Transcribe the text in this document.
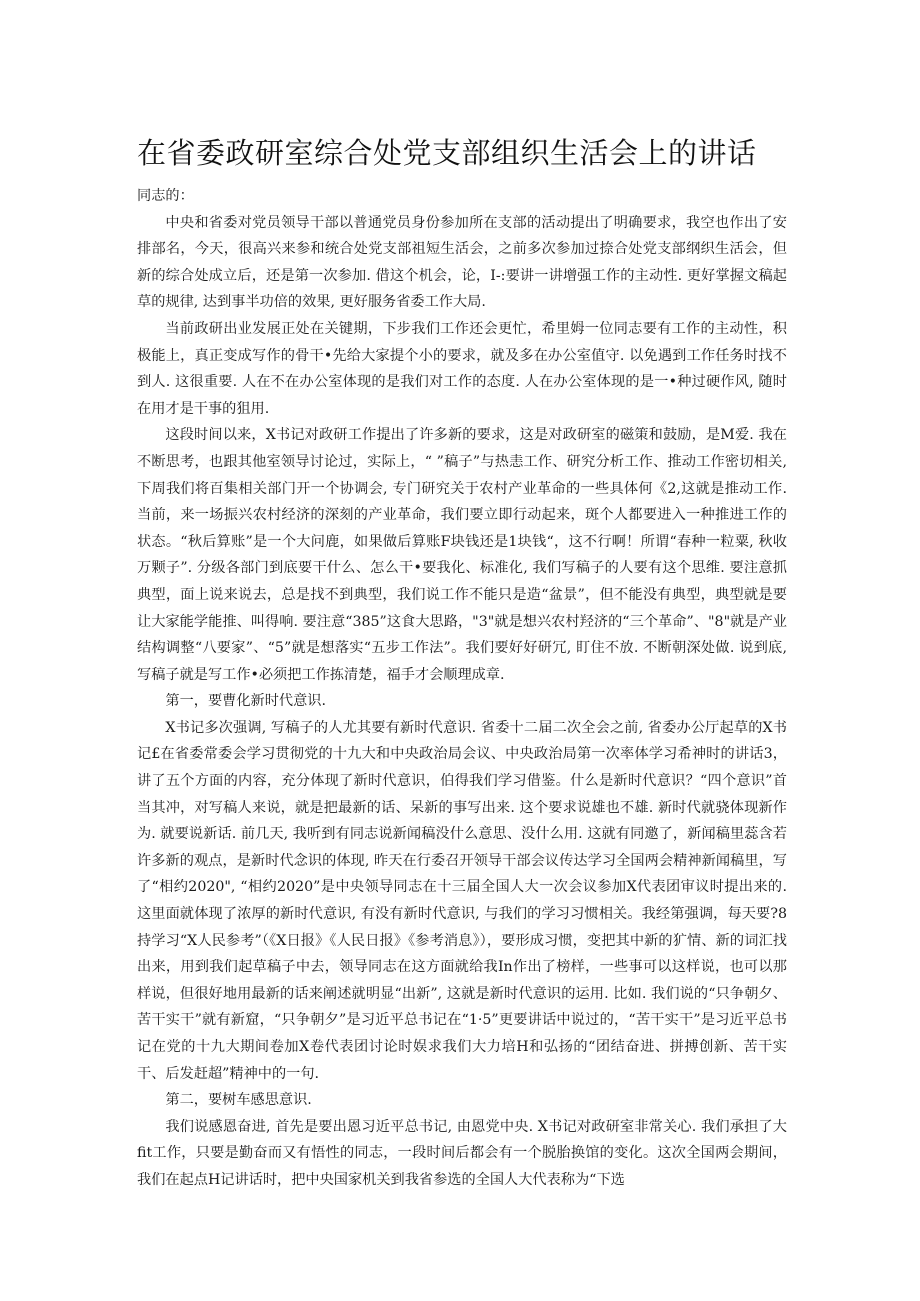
在省委政研室综合处党支部组织生活会上的讲话

同志的：

中央和省委对党员领导干部以普通党员身份参加所在支部的活动提出了明确要求，我空也作出了安排部名，今天，很高兴来参和统合处党支部祖短生活会，之前多次参加过捺合处党支部纲织生活会，但新的综合处成立后，还是第一次参加. 借这个机会，论，I-:要讲一讲增强工作的主动性. 更好掌握文稿起草的规律, 达到事半功倍的效果, 更好服务省委工作大局.

当前政研出业发展正处在关键期，下步我们工作还会更忙，希里姆一位同志要有工作的主动性，积极能上，真正变成写作的骨干•先给大家提个小的要求，就及多在办公室值守. 以免遇到工作任务时找不到人. 这很重要. 人在不在办公室体现的是我们对工作的态度. 人在办公室体现的是一•种过硬作风, 随时在用才是干事的狙用.

这段时间以来，X书记对政研工作提出了许多新的要求，这是对政研室的磁策和鼓励，是M爱. 我在不断思考，也跟其他室领导讨论过，实际上，“ ”稿子”与热恚工作、研究分析工作、推动工作密切相关, 下周我们将百集相关部门开一个协调会, 专门研究关于农村产业革命的一些具体何《2,这就是推动工作. 当前，来一场振兴农村经济的深刻的产业革命，我们要立即行动起来，斑个人都要进入一种推进工作的状态。“秋后算账”是一个大问鹿，如果做后算账F块钱还是1块钱“，这不行啊！所谓“春种一粒粟, 秋收万颗子”. 分级各部门到底要干什么、怎么干•要我化、标准化, 我们写稿子的人要有这个思维. 要注意抓典型，面上说来说去，总是找不到典型，我们说工作不能只是造“盆景”，但不能没有典型，典型就是要让大家能学能推、叫得响. 要注意“385”这食大思路，"3"就是想兴农村羟济的“三个革命”、"8"就是产业结构调整“八要家”、“5”就是想落实“五步工作法”。我们要好好研冗, 盯住不放. 不断朝深处做. 说到底, 写稿子就是写工作•必须把工作拣清楚，福手才会顺理成章.

第一，要曹化新时代意识.

X书记多次强调, 写稿子的人尤其要有新时代意识. 省委十二届二次全会之前, 省委办公厅起草的X书记£在省委常委会学习贯彻党的十九大和中央政治局会议、中央政治局第一次率体学习希神时的讲话3，讲了五个方面的内容，充分体现了新时代意识，伯得我们学习借鉴。什么是新时代意识？“四个意识”首当其冲，对写稿人来说，就是把最新的话、呆新的事写出来. 这个要求说雄也不雄. 新时代就骁体现新作为. 就要说新话. 前几天, 我听到有同志说新闻稿没什么意思、没什么用. 这就有同邀了，新闻稿里蕊含若许多新的观点，是新时代念识的体现, 昨天在行委召开领导干部会议传达学习全国两会精神新闻稿里，写了“相约2020", “相约2020”是中央领导同志在十三届全国人大一次会议参加X代表团审议时提出来的. 这里面就体现了浓厚的新时代意识, 有没有新时代意识, 与我们的学习习惯相关。我经第强调，每天要?8持学习“X人民参考”（《X日报》《人民日报》《参考消息》），要形成习惯，变把其中新的犷情、新的词汇找出来，用到我们起草稿子中去，领导同志在这方面就给我In作出了榜样，一些事可以这样说，也可以那样说，但很好地用最新的话来阐述就明显“出新”, 这就是新时代意识的运用. 比如. 我们说的“只争朝夕、苦干实干”就有新窟，“只争朝夕”是习近平总书记在“1·5”更要讲话中说过的，“苦干实干”是习近平总书记在党的十九大期间卷加X卷代表团讨论时娱求我们大力培H和弘扬的“团结奋进、拼搏创新、苦干实干、后发赶超”精神中的一句.

第二，要树车感思意识.

我们说感恩奋进, 首先是要出恩习近平总书记, 由恩党中央. X书记对政研室非常关心. 我们承担了大fit工作，只要是勤奋而又有悟性的同志，一段时间后都会有一个脱胎换馆的变化。这次全国两会期间，我们在起点H记讲话时，把中央国家机关到我省参选的全国人大代表称为“下选
